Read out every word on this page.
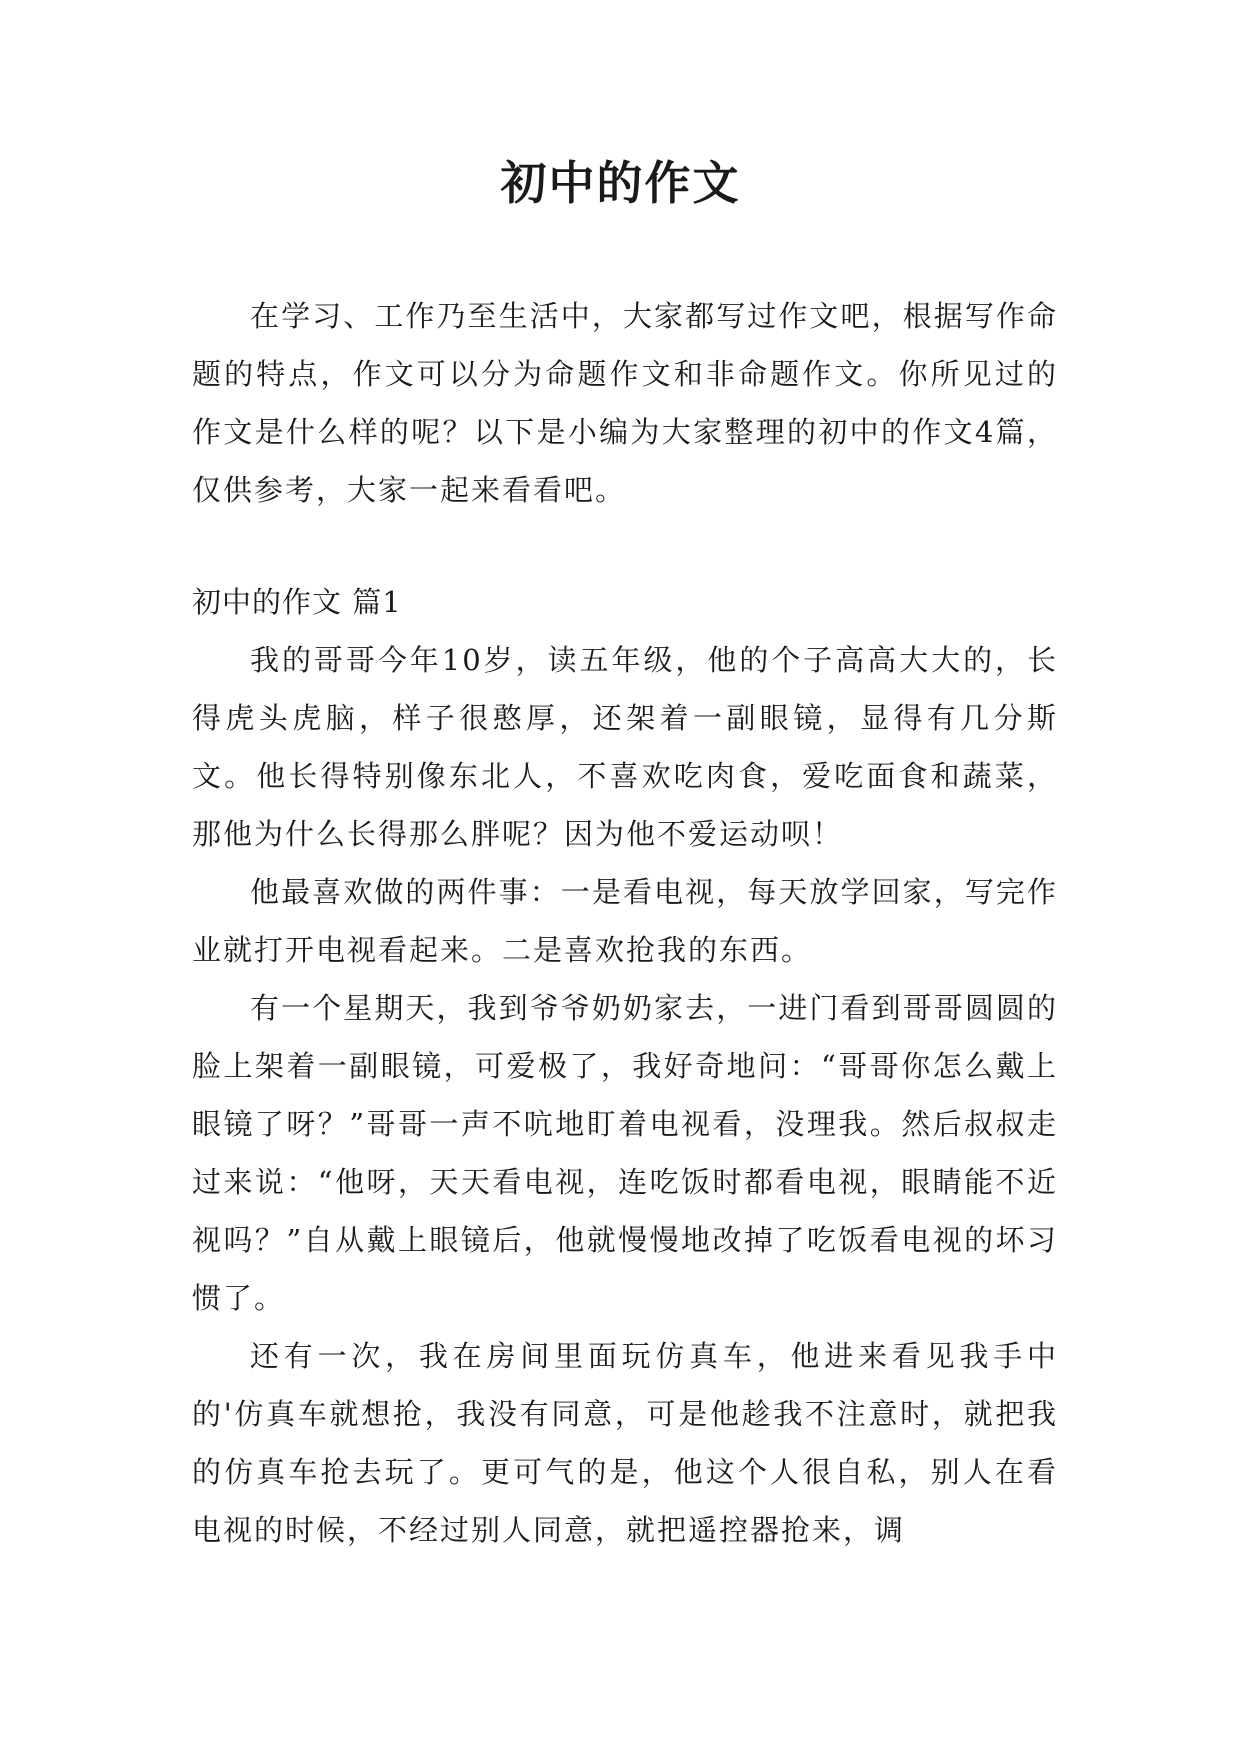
初中的作文

在学习、工作乃至生活中，大家都写过作文吧，根据写作命题的特点，作文可以分为命题作文和非命题作文。你所见过的作文是什么样的呢？以下是小编为大家整理的初中的作文4篇，仅供参考，大家一起来看看吧。

初中的作文 篇1

我的哥哥今年10岁，读五年级，他的个子高高大大的，长得虎头虎脑，样子很憨厚，还架着一副眼镜，显得有几分斯文。他长得特别像东北人，不喜欢吃肉食，爱吃面食和蔬菜，那他为什么长得那么胖呢？因为他不爱运动呗！

他最喜欢做的两件事：一是看电视，每天放学回家，写完作业就打开电视看起来。二是喜欢抢我的东西。

有一个星期天，我到爷爷奶奶家去，一进门看到哥哥圆圆的脸上架着一副眼镜，可爱极了，我好奇地问：“哥哥你怎么戴上眼镜了呀？”哥哥一声不吭地盯着电视看，没理我。然后叔叔走过来说：“他呀，天天看电视，连吃饭时都看电视，眼睛能不近视吗？”自从戴上眼镜后，他就慢慢地改掉了吃饭看电视的坏习惯了。

还有一次，我在房间里面玩仿真车，他进来看见我手中的'仿真车就想抢，我没有同意，可是他趁我不注意时，就把我的仿真车抢去玩了。更可气的是，他这个人很自私，别人在看电视的时候，不经过别人同意，就把遥控器抢来，调
